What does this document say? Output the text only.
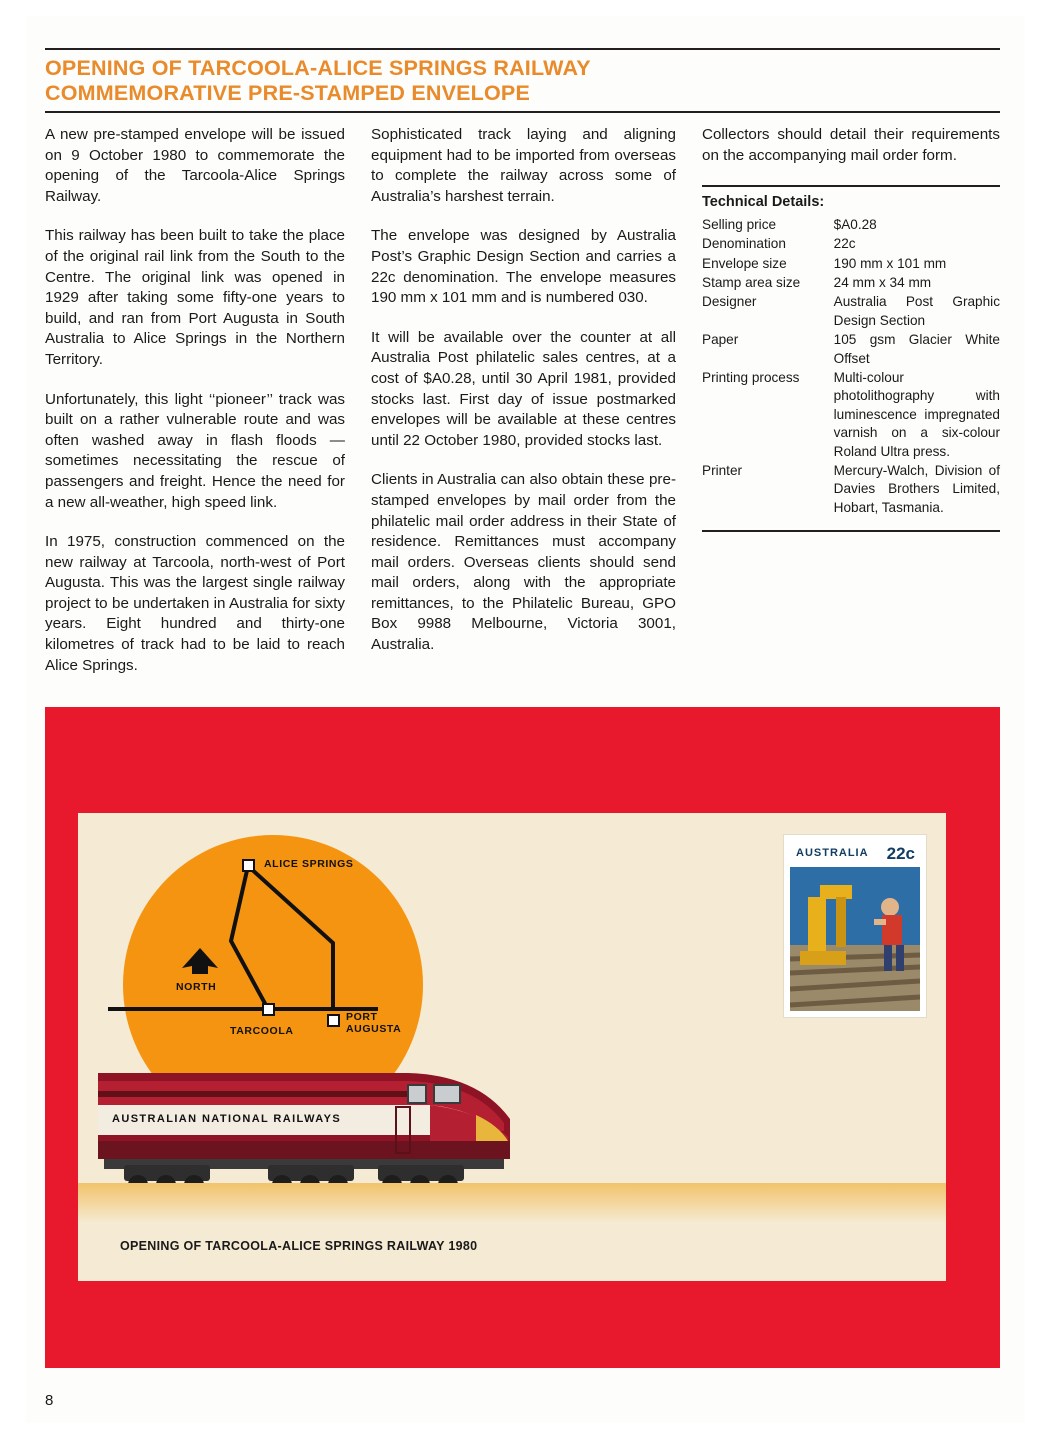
OPENING OF TARCOOLA-ALICE SPRINGS RAILWAY
COMMEMORATIVE PRE-STAMPED ENVELOPE

A new pre-stamped envelope will be issued on 9 October 1980 to commemorate the opening of the Tarcoola-Alice Springs Railway.

This railway has been built to take the place of the original rail link from the South to the Centre. The original link was opened in 1929 after taking some fifty-one years to build, and ran from Port Augusta in South Australia to Alice Springs in the Northern Territory.

Unfortunately, this light ‘‘pioneer’’ track was built on a rather vulnerable route and was often washed away in flash floods — sometimes necessitating the rescue of passengers and freight. Hence the need for a new all-weather, high speed link.

In 1975, construction commenced on the new railway at Tarcoola, north-west of Port Augusta. This was the largest single railway project to be undertaken in Australia for sixty years. Eight hundred and thirty-one kilometres of track had to be laid to reach Alice Springs.

Sophisticated track laying and aligning equipment had to be imported from overseas to complete the railway across some of Australia’s harshest terrain.

The envelope was designed by Australia Post’s Graphic Design Section and carries a 22c denomination. The envelope measures 190 mm x 101 mm and is numbered 030.

It will be available over the counter at all Australia Post philatelic sales centres, at a cost of $A0.28, until 30 April 1981, provided stocks last. First day of issue postmarked envelopes will be available at these centres until 22 October 1980, provided stocks last.

Clients in Australia can also obtain these pre-stamped envelopes by mail order from the philatelic mail order address in their State of residence. Remittances must accompany mail orders. Overseas clients should send mail orders, along with the appropriate remittances, to the Philatelic Bureau, GPO Box 9988 Melbourne, Victoria 3001, Australia.

Collectors should detail their requirements on the accompanying mail order form.

Technical Details:
Selling price	$A0.28
Denomination	22c
Envelope size	190 mm x 101 mm
Stamp area size	24 mm x 34 mm
Designer	Australia Post Graphic Design Section
Paper	105 gsm Glacier White Offset
Printing process	Multi-colour photolithography with luminescence impregnated varnish on a six-colour Roland Ultra press.
Printer	Mercury-Walch, Division of Davies Brothers Limited, Hobart, Tasmania.
ALICE SPRINGS
TARCOOLA
PORT AUGUSTA
NORTH
AUSTRALIAN NATIONAL RAILWAYS
OPENING OF TARCOOLA-ALICE SPRINGS RAILWAY 1980
AUSTRALIA 22c
8
